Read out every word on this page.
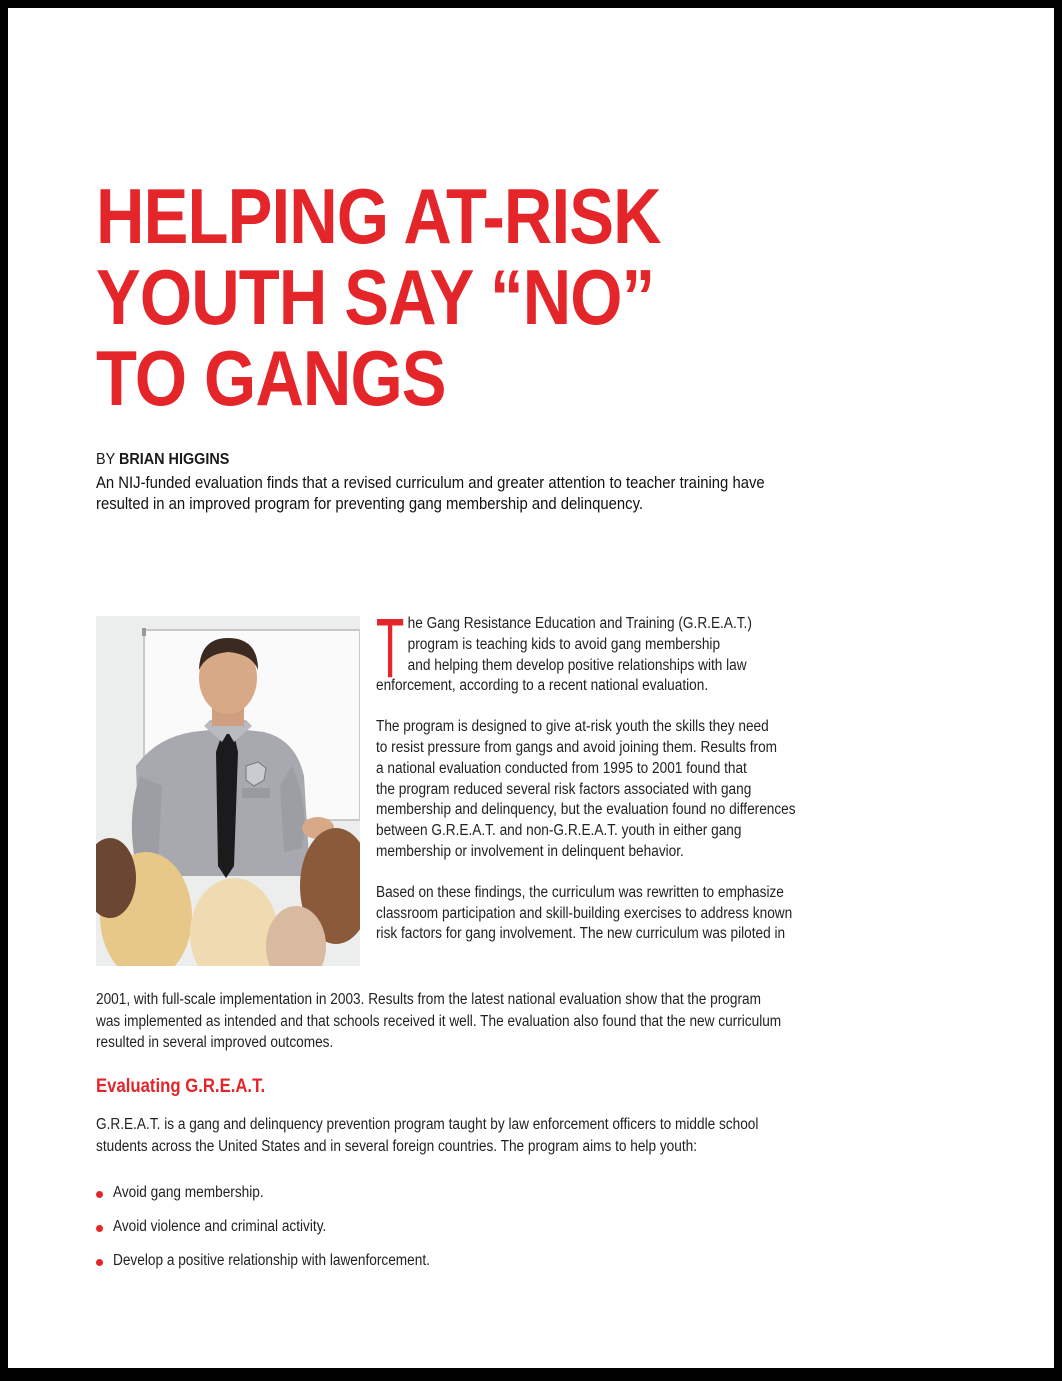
HELPING AT-RISK
YOUTH SAY “NO”
TO GANGS
BY BRIAN HIGGINS
An NIJ-funded evaluation finds that a revised curriculum and greater attention to teacher training have
resulted in an improved program for preventing gang membership and delinquency.
T he Gang Resistance Education and Training (G.R.E.A.T.)
program is teaching kids to avoid gang membership
and helping them develop positive relationships with law
enforcement, according to a recent national evaluation.
The program is designed to give at-risk youth the skills they need
to resist pressure from gangs and avoid joining them. Results from
a national evaluation conducted from 1995 to 2001 found that
the program reduced several risk factors associated with gang
membership and delinquency, but the evaluation found no differences
between G.R.E.A.T. and non-G.R.E.A.T. youth in either gang
membership or involvement in delinquent behavior.
Based on these findings, the curriculum was rewritten to emphasize
classroom participation and skill-building exercises to address known
risk factors for gang involvement. The new curriculum was piloted in
2001, with full-scale implementation in 2003. Results from the latest national evaluation show that the program
was implemented as intended and that schools received it well. The evaluation also found that the new curriculum
resulted in several improved outcomes.
Evaluating G.R.E.A.T.
G.R.E.A.T. is a gang and delinquency prevention program taught by law enforcement officers to middle school
students across the United States and in several foreign countries. The program aims to help youth:
Avoid gang membership.
Avoid violence and criminal activity.
Develop a positive relationship with lawenforcement.
